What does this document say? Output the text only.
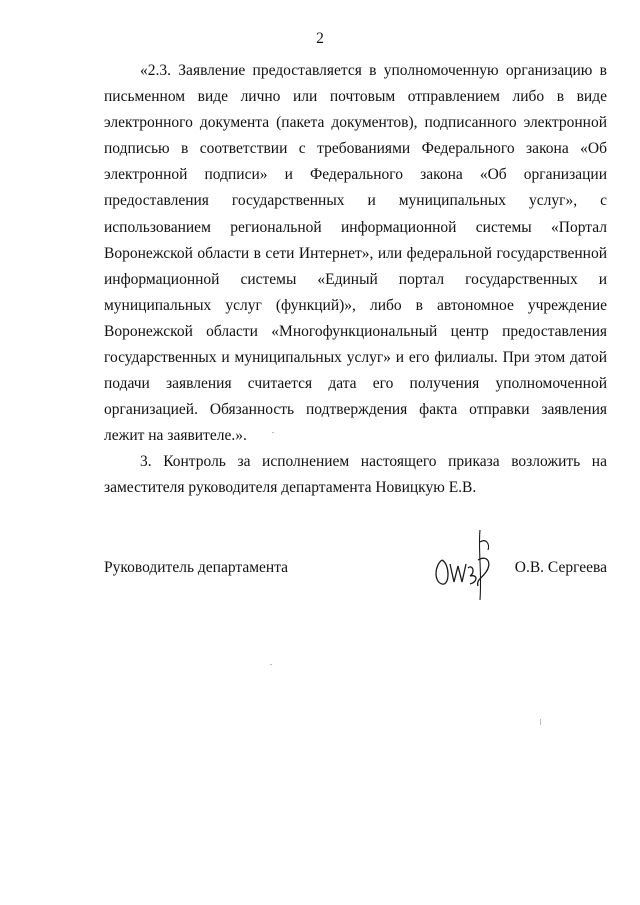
2

«2.3. Заявление предоставляется в уполномоченную организацию в письменном виде лично или почтовым отправлением либо в виде электронного документа (пакета документов), подписанного электронной подписью в соответствии с требованиями Федерального закона «Об электронной подписи» и Федерального закона «Об организации предоставления государственных и муниципальных услуг», с использованием региональной информационной системы «Портал Воронежской области в сети Интернет», или федеральной государственной информационной системы «Единый портал государственных и муниципальных услуг (функций)», либо в автономное учреждение Воронежской области «Многофункциональный центр предоставления государственных и муниципальных услуг» и его филиалы. При этом датой подачи заявления считается дата его получения уполномоченной организацией. Обязанность подтверждения факта отправки заявления лежит на заявителе.».

3. Контроль за исполнением настоящего приказа возложить на заместителя руководителя департамента Новицкую Е.В.

Руководитель департамента	О.В. Сергеева
